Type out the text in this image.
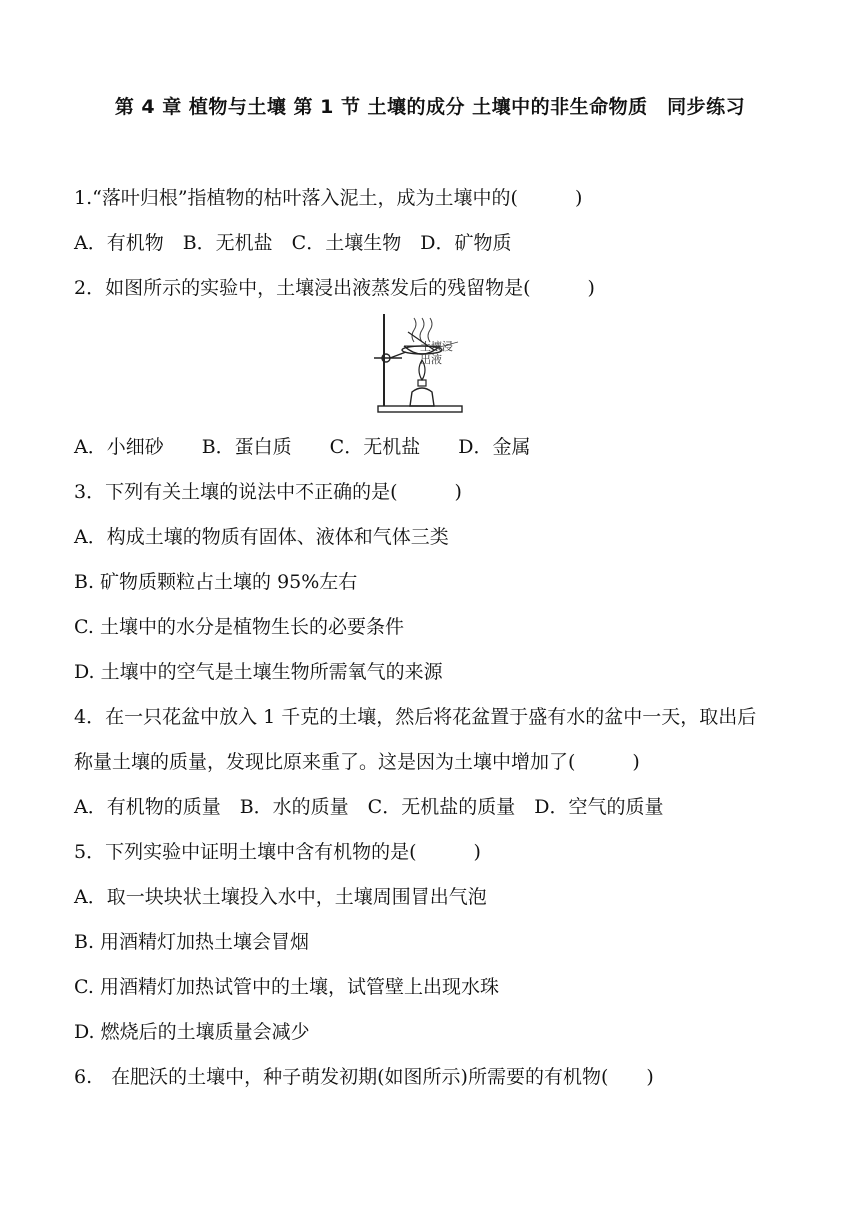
第 4 章 植物与土壤 第 1 节 土壤的成分 土壤中的非生命物质　同步练习
1.“落叶归根”指植物的枯叶落入泥土，成为土壤中的(　　　)
A．有机物　B．无机盐　C．土壤生物　D．矿物质
2．如图所示的实验中，土壤浸出液蒸发后的残留物是(　　　)
土壤浸
出液
A．小细砂　　B．蛋白质　　C．无机盐　　D．金属
3．下列有关土壤的说法中不正确的是(　　　)
A．构成土壤的物质有固体、液体和气体三类
B. 矿物质颗粒占土壤的 95%左右
C. 土壤中的水分是植物生长的必要条件
D. 土壤中的空气是土壤生物所需氧气的来源
4．在一只花盆中放入 1 千克的土壤，然后将花盆置于盛有水的盆中一天，取出后
称量土壤的质量，发现比原来重了。这是因为土壤中增加了(　　　)
A．有机物的质量　B．水的质量　C．无机盐的质量　D．空气的质量
5．下列实验中证明土壤中含有机物的是(　　　)
A．取一块块状土壤投入水中，土壤周围冒出气泡
B. 用酒精灯加热土壤会冒烟
C. 用酒精灯加热试管中的土壤，试管壁上出现水珠
D. 燃烧后的土壤质量会减少
6.　在肥沃的土壤中，种子萌发初期(如图所示)所需要的有机物(　　)
